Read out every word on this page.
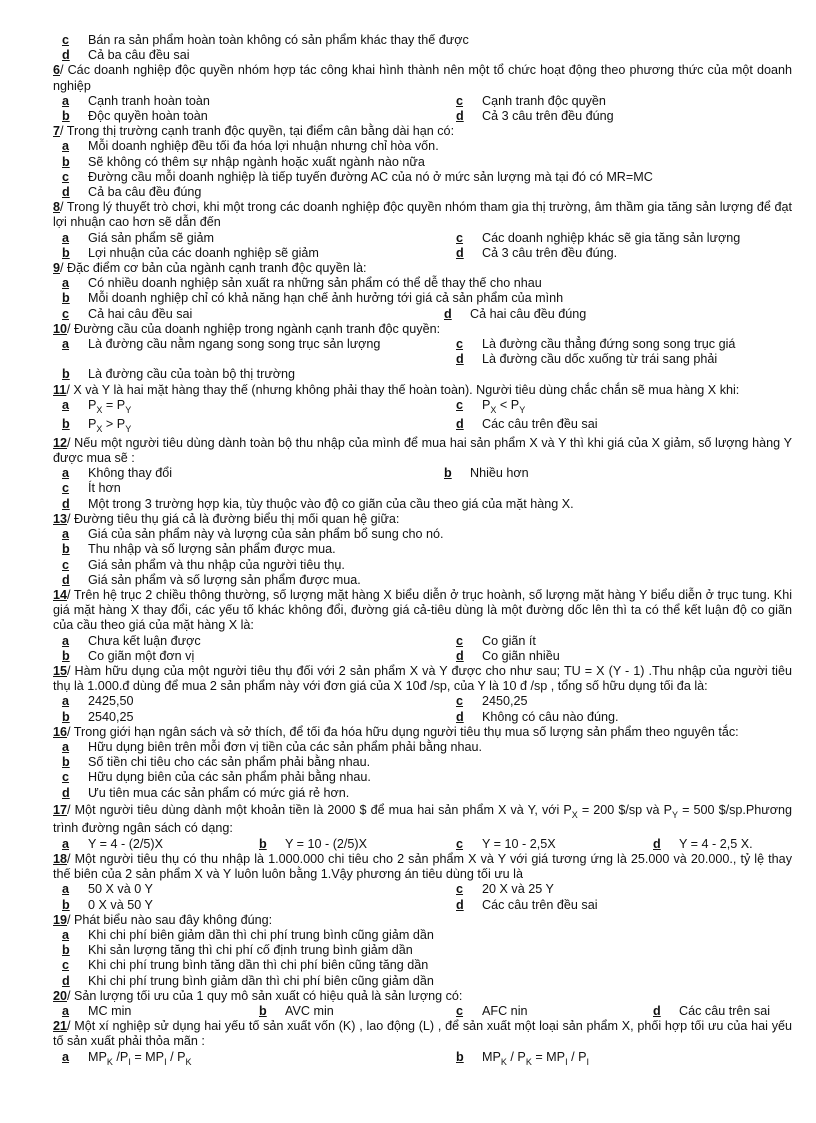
c	Bán ra sản phẩm hoàn toàn không có sản phẩm khác thay thế được
d	Cả ba câu đều sai
6/ Các doanh nghiệp độc quyền nhóm hợp tác công khai hình thành nên một tổ chức hoạt động theo phương thức của một doanh nghiệp
a	Cạnh tranh hoàn toàn	c	Cạnh tranh độc quyền
b	Độc quyền hoàn toàn	d	Cả 3 câu trên đều đúng
7/ Trong thị trường cạnh tranh độc quyền, tại điểm cân bằng dài hạn có:
a	Mỗi doanh nghiệp đều tối đa hóa lợi nhuận nhưng chỉ hòa vốn.
b	Sẽ không có thêm sự nhập ngành hoặc xuất ngành nào nữa
c	Đường cầu mỗi doanh nghiệp là tiếp tuyến đường AC của nó ở mức sản lượng mà tại đó có MR=MC
d	Cả ba câu đều đúng
8/ Trong lý thuyết trò chơi, khi một trong các doanh nghiệp độc quyền nhóm tham gia thị trường, âm thầm gia tăng sản lượng để đạt lợi nhuận cao hơn sẽ dẫn đến
a	Giá sản phẩm sẽ giảm	c	Các doanh nghiệp khác sẽ gia tăng sản lượng
b	Lợi nhuận của các doanh nghiệp sẽ giảm	d	Cả 3 câu trên đều đúng.
9/ Đặc điểm cơ bản của ngành cạnh tranh độc quyền là:
a	Có nhiều doanh nghiệp sản xuất ra những sản phẩm có thể dễ thay thế cho nhau
b	Mỗi doanh nghiệp chỉ có khả năng hạn chế ảnh hưởng tới giá cả sản phẩm của mình
c	Cả hai câu đều sai	d	Cả hai câu đều đúng
10/ Đường cầu của doanh nghiệp trong ngành cạnh tranh độc quyền:
a	Là đường cầu nằm ngang song song trục sản lượng	c	Là đường cầu thẳng đứng song song trục giá
d	Là đường cầu dốc xuống từ trái sang phải
b	Là đường cầu của toàn bộ thị trường
11/ X và Y là hai mặt hàng thay thế (nhưng không phải thay thế hoàn toàn). Người tiêu dùng chắc chắn sẽ mua hàng X khi:
a	$P_X = P_Y$	c	$P_X < P_Y$
b	$P_X > P_Y$	d	Các câu trên đều sai
12/ Nếu một người tiêu dùng dành toàn bộ thu nhập của mình để mua hai sản phẩm X và Y thì khi giá của X giảm, số lượng hàng Y được mua sẽ :
a	Không thay đổi	b	Nhiều hơn
c	Ít hơn
d	Một trong 3 trường hợp kia, tùy thuộc vào độ co giãn của cầu theo giá của mặt hàng X.
13/ Đường tiêu thụ giá cả là đường biểu thị mối quan hệ giữa:
a	Giá của sản phẩm này và lượng của sản phẩm bổ sung cho nó.
b	Thu nhập và số lượng sản phẩm được mua.
c	Giá sản phẩm và thu nhập của người tiêu thụ.
d	Giá sản phẩm và số lượng sản phẩm được mua.
14/ Trên hệ trục 2 chiều thông thường, số lượng mặt hàng X biểu diễn ở trục hoành, số lượng mặt hàng Y biểu diễn ở trục tung. Khi giá mặt hàng X thay đổi, các yếu tố khác không đổi, đường giá cả-tiêu dùng là một đường dốc lên thì ta có thể kết luận độ co giãn của cầu theo giá của mặt hàng X là:
a	Chưa kết luận được	c	Co giãn ít
b	Co giãn một đơn vị	d	Co giãn nhiều
15/ Hàm hữu dụng của một người tiêu thụ đối với 2 sản phẩm X và Y được cho như sau; TU = X (Y - 1) .Thu nhập của người tiêu thụ là 1.000.đ dùng để mua 2 sản phẩm này với đơn giá của X 10đ /sp, của Y là 10 đ /sp , tổng số hữu dụng tối đa là:
a	2425,50	c	2450,25
b	2540,25	d	Không có câu nào đúng.
16/ Trong giới hạn ngân sách và sở thích, để tối đa hóa hữu dụng người tiêu thụ mua số lượng sản phẩm theo nguyên tắc:
a	Hữu dụng biên trên mỗi đơn vị tiền của các sản phẩm phải bằng nhau.
b	Số tiền chi tiêu cho các sản phẩm phải bằng nhau.
c	Hữu dụng biên của các sản phẩm phải bằng nhau.
d	Ưu tiên mua các sản phẩm có mức giá rẻ hơn.
17/ Một người tiêu dùng dành một khoản tiền là 2000 $ để mua hai sản phẩm X và Y, với $P_X = 200$ $/sp và $P_Y = 500$ $/sp.Phương trình đường ngân sách có dạng:
a	Y = 4 - (2/5)X	b	Y = 10 - (2/5)X	c	Y = 10 - 2,5X	d	Y = 4 - 2,5 X.
18/ Một người tiêu thụ có thu nhập là 1.000.000 chi tiêu cho 2 sản phẩm X và Y với giá tương ứng là 25.000 và 20.000., tỷ lệ thay thế biên của 2 sản phẩm X và Y luôn luôn bằng 1.Vậy phương án tiêu dùng tối ưu là
a	50 X và 0 Y	c	20 X và 25 Y
b	0 X và 50 Y	d	Các câu trên đều sai
19/ Phát biểu nào sau đây không đúng:
a	Khi chi phí biên giảm dần thì chi phí trung bình cũng giảm dần
b	Khi sản lượng tăng thì chi phí cố định trung bình giảm dần
c	Khi chi phí trung bình tăng dần thì chi phí biên cũng tăng dần
d	Khi chi phí trung bình giảm dần thì chi phí biên cũng giảm dần
20/ Sản lượng tối ưu của 1 quy mô sản xuất có hiệu quả là sản lượng có:
a	MC min	b	AVC min	c	AFC nin	d	Các câu trên sai
21/ Một xí nghiệp sử dụng hai yếu tố sản xuất vốn (K) , lao động (L) , để sản xuất một loại sản phẩm X, phối hợp tối ưu của hai yếu tố sản xuất phải thỏa mãn :
a	$MP_K$ $/P_I = MP_I / P_K$	b	$MP_K / P_K = MP_I / P_I$
